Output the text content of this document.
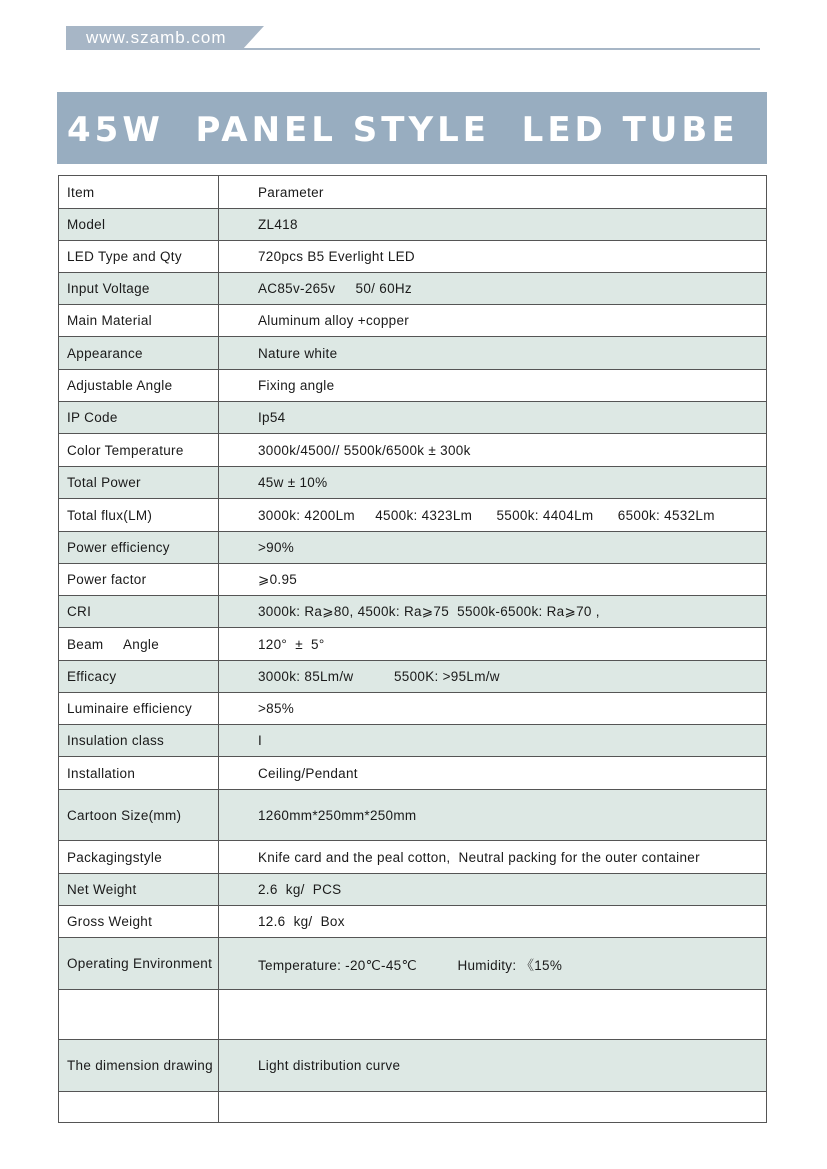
www.szamb.com
45W  PANEL STYLE  LED TUBE
Item	Parameter
Model	ZL418
LED Type and Qty	720pcs B5 Everlight LED
Input Voltage	AC85v-265v     50/ 60Hz
Main Material	Aluminum alloy +copper
Appearance	Nature white
Adjustable Angle	Fixing angle
IP Code	Ip54
Color Temperature	3000k/4500// 5500k/6500k ± 300k
Total Power	45w ± 10%
Total flux(LM)	3000k: 4200Lm     4500k: 4323Lm      5500k: 4404Lm      6500k: 4532Lm
Power efficiency	>90%
Power factor	⩾0.95
CRI	3000k: Ra⩾80, 4500k: Ra⩾75  5500k-6500k: Ra⩾70 ,
Beam     Angle	120°  ±  5°
Efficacy	3000k: 85Lm/w          5500K: >95Lm/w
Luminaire efficiency	>85%
Insulation class	I
Installation	Ceiling/Pendant
Cartoon Size(mm)	1260mm*250mm*250mm
Packagingstyle	Knife card and the peal cotton,  Neutral packing for the outer container
Net Weight	2.6  kg/  PCS
Gross Weight	12.6  kg/  Box
Operating Environment	Temperature: -20℃-45℃          Humidity: 《15%

The dimension drawing	Light distribution curve
